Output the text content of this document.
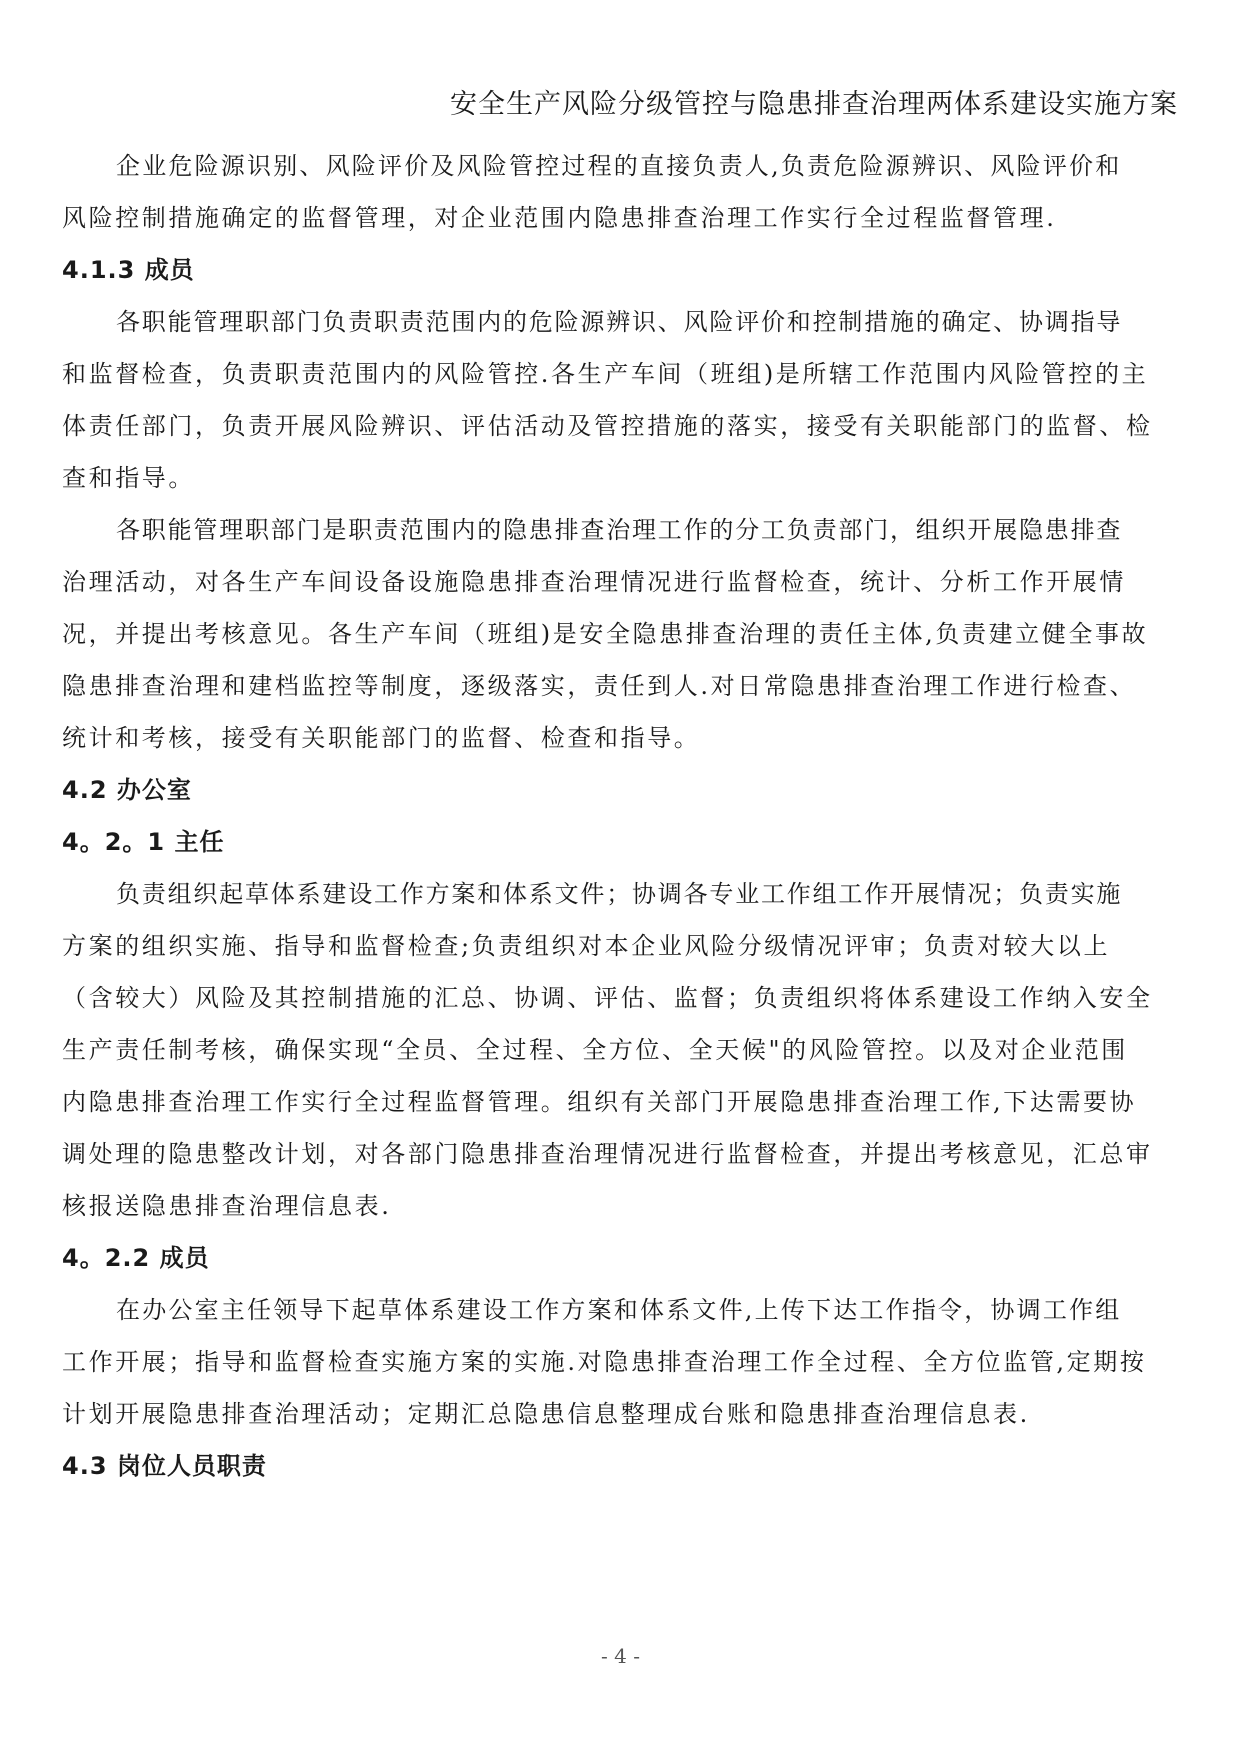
安全生产风险分级管控与隐患排查治理两体系建设实施方案

企业危险源识别、风险评价及风险管控过程的直接负责人,负责危险源辨识、风险评价和
风险控制措施确定的监督管理，对企业范围内隐患排查治理工作实行全过程监督管理.

4.1.3 成员

各职能管理职部门负责职责范围内的危险源辨识、风险评价和控制措施的确定、协调指导
和监督检查，负责职责范围内的风险管控.各生产车间（班组)是所辖工作范围内风险管控的主
体责任部门，负责开展风险辨识、评估活动及管控措施的落实，接受有关职能部门的监督、检
查和指导。

各职能管理职部门是职责范围内的隐患排查治理工作的分工负责部门，组织开展隐患排查
治理活动，对各生产车间设备设施隐患排查治理情况进行监督检查，统计、分析工作开展情
况，并提出考核意见。各生产车间（班组)是安全隐患排查治理的责任主体,负责建立健全事故
隐患排查治理和建档监控等制度，逐级落实，责任到人.对日常隐患排查治理工作进行检查、
统计和考核，接受有关职能部门的监督、检查和指导。

4.2 办公室

4。2。1 主任

负责组织起草体系建设工作方案和体系文件；协调各专业工作组工作开展情况；负责实施
方案的组织实施、指导和监督检查;负责组织对本企业风险分级情况评审；负责对较大以上
（含较大）风险及其控制措施的汇总、协调、评估、监督；负责组织将体系建设工作纳入安全
生产责任制考核，确保实现“全员、全过程、全方位、全天候"的风险管控。以及对企业范围
内隐患排查治理工作实行全过程监督管理。组织有关部门开展隐患排查治理工作,下达需要协
调处理的隐患整改计划，对各部门隐患排查治理情况进行监督检查，并提出考核意见，汇总审
核报送隐患排查治理信息表.

4。2.2 成员

在办公室主任领导下起草体系建设工作方案和体系文件,上传下达工作指令，协调工作组
工作开展；指导和监督检查实施方案的实施.对隐患排查治理工作全过程、全方位监管,定期按
计划开展隐患排查治理活动；定期汇总隐患信息整理成台账和隐患排查治理信息表.

4.3 岗位人员职责

- 4 -
